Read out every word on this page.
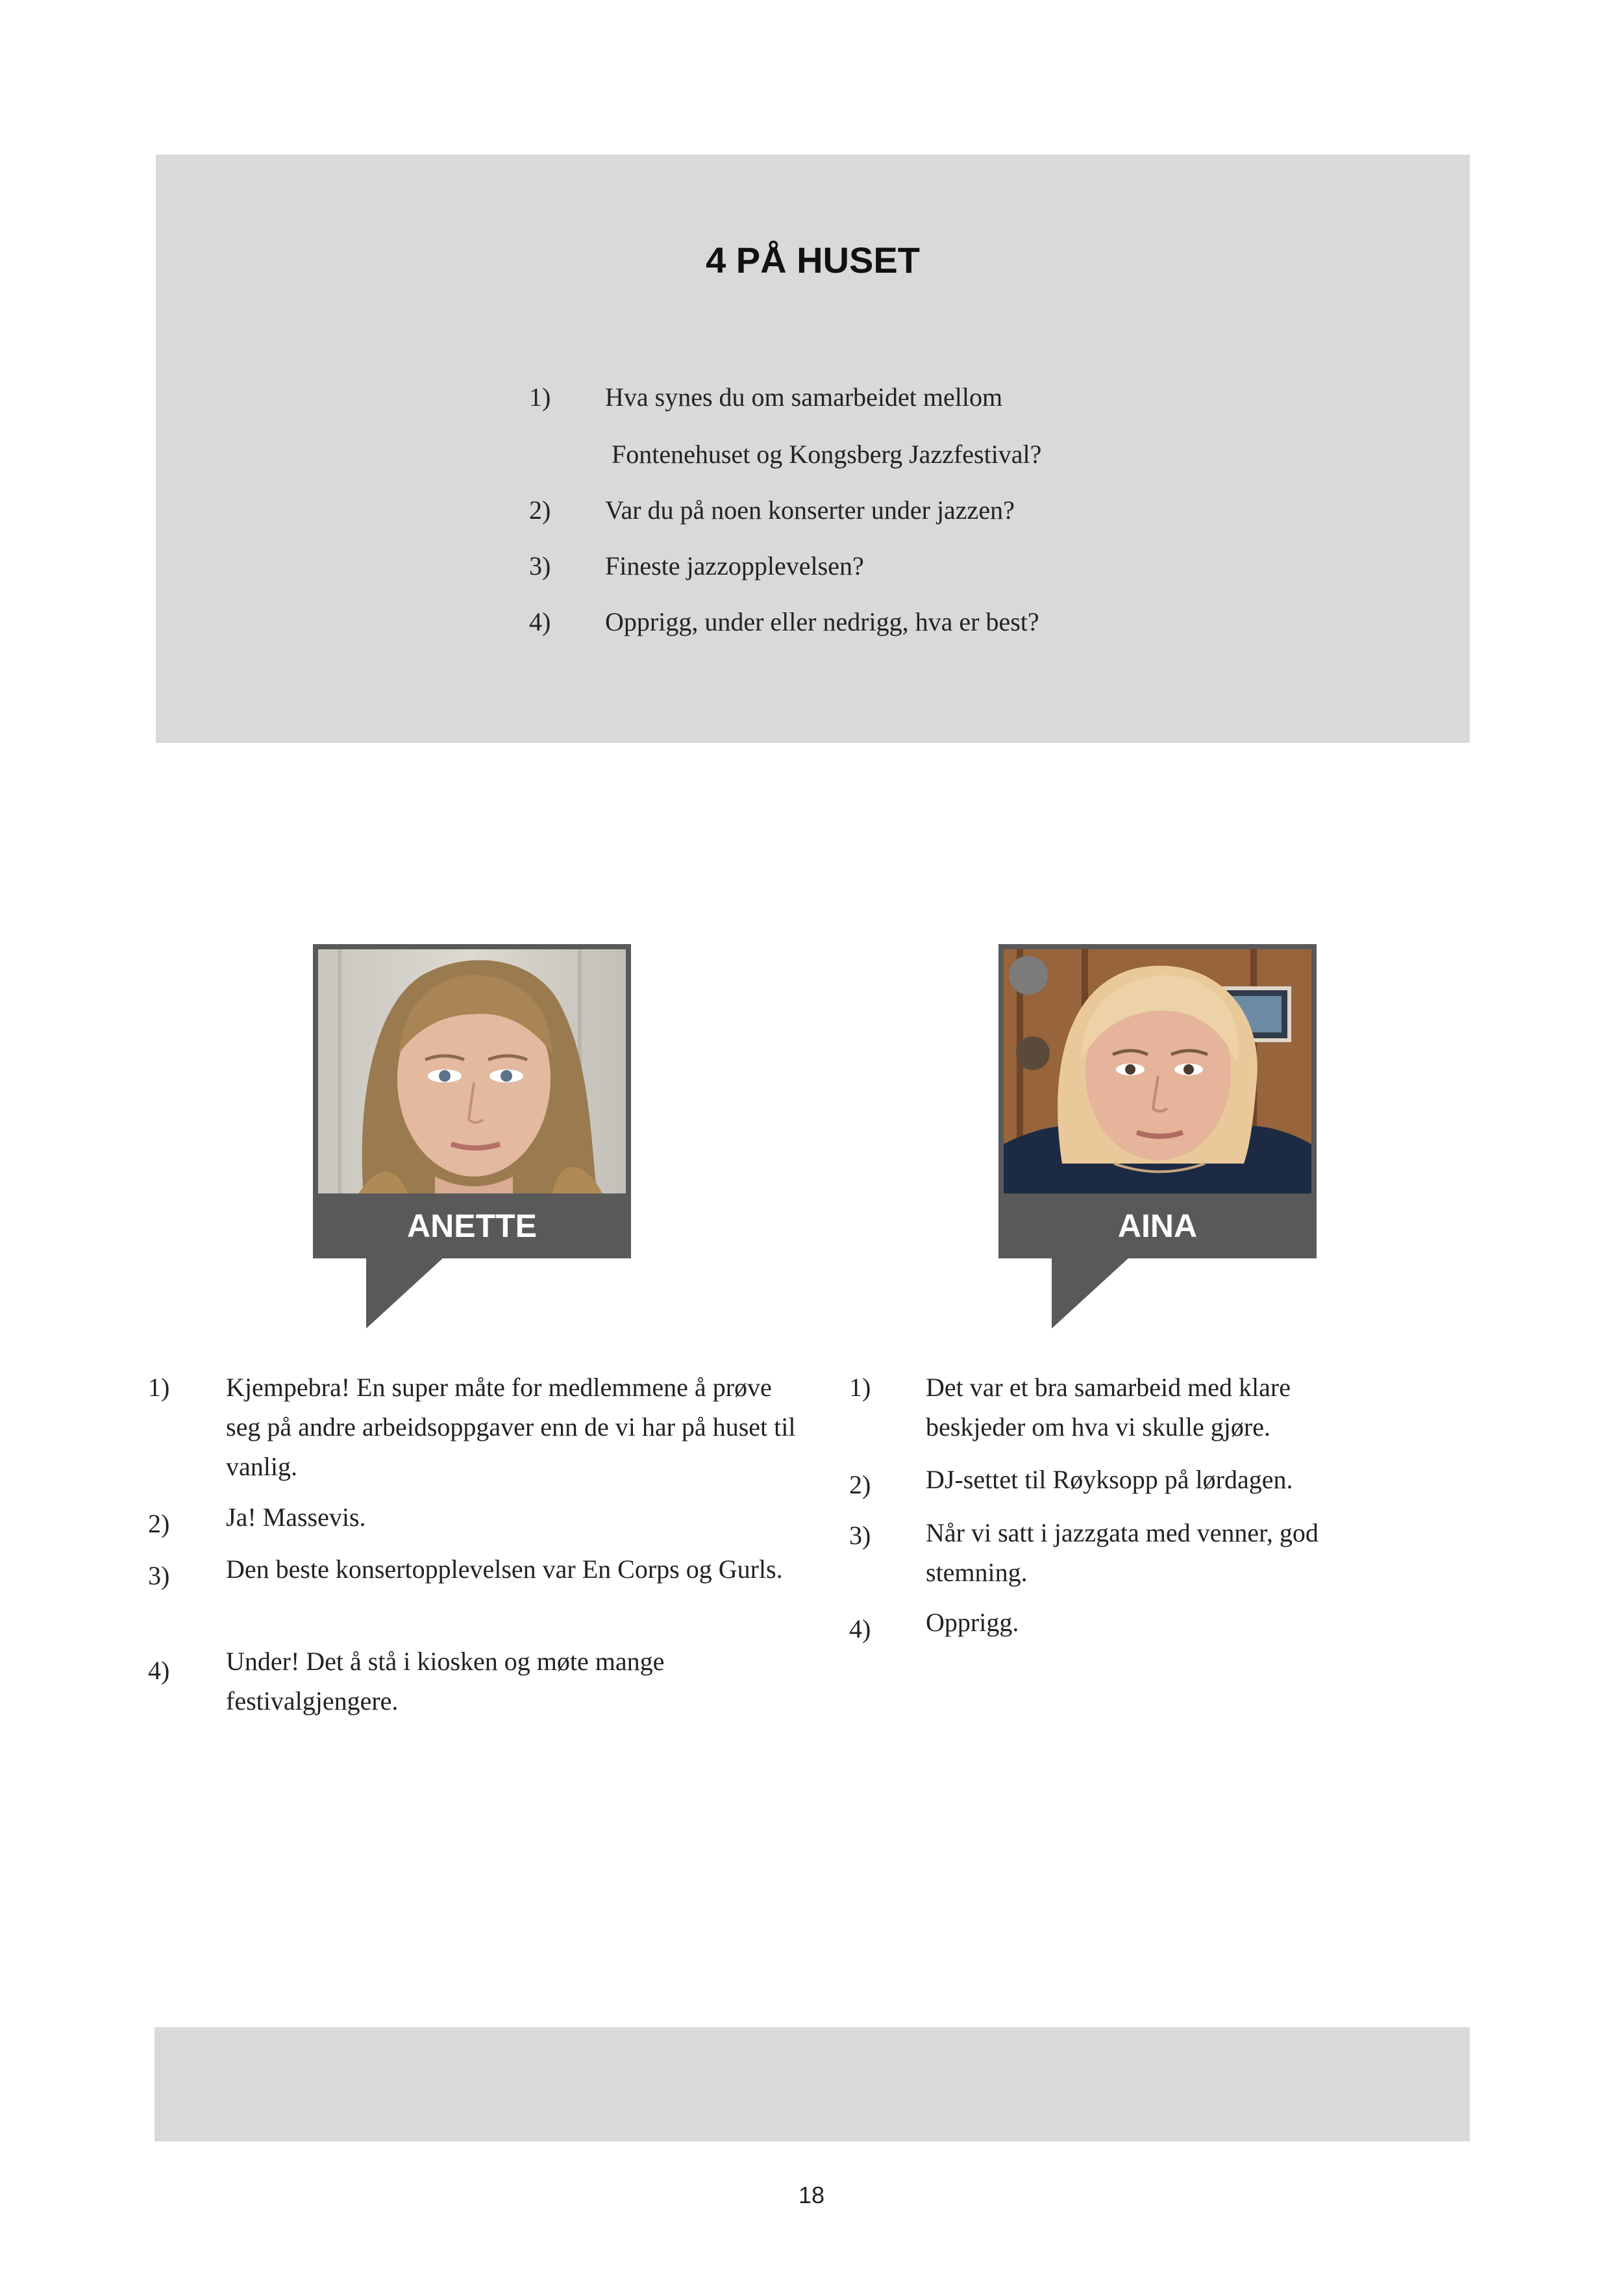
4 PÅ HUSET
1) Hva synes du om samarbeidet mellom
Fontenehuset og Kongsberg Jazzfestival?
2) Var du på noen konserter under jazzen?
3) Fineste jazzopplevelsen?
4) Opprigg, under eller nedrigg, hva er best?
ANETTE	AINA
1) Kjempebra! En super måte for medlemmene å prøve seg på andre arbeidsoppgaver enn de vi har på huset til vanlig.
2) Ja! Massevis.
3) Den beste konsertopplevelsen var En Corps og Gurls.
4) Under! Det å stå i kiosken og møte mange festivalgjengere.
1) Det var et bra samarbeid med klare beskjeder om hva vi skulle gjøre.
2) DJ-settet til Røyksopp på lørdagen.
3) Når vi satt i jazzgata med venner, god stemning.
4) Opprigg.
18
